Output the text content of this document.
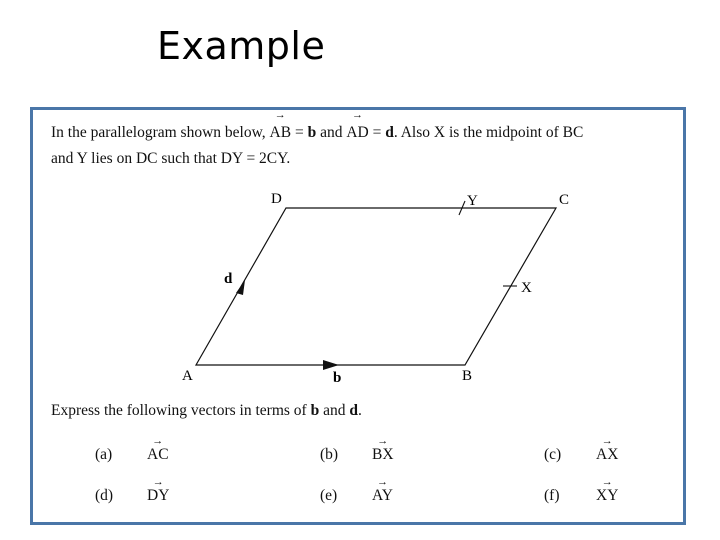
Example
In the parallelogram shown below, → AB = b and → AD = d. Also X is the midpoint of BC
and Y lies on DC such that DY = 2CY.
D	Y	C
X
A	B
b
d
Express the following vectors in terms of b and d.
(a) → AC	(b) → BX	(c) → AX
(d) → DY	(e) → AY	(f) → XY
